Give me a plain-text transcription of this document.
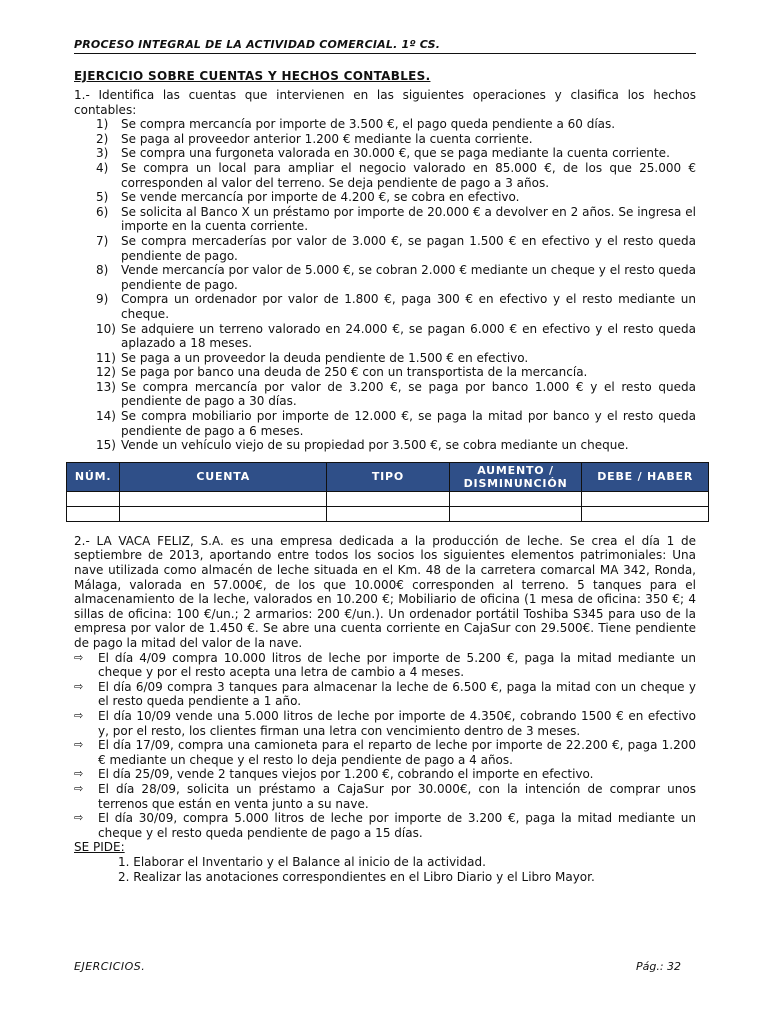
PROCESO INTEGRAL DE LA ACTIVIDAD COMERCIAL. 1º CS.
EJERCICIO SOBRE CUENTAS Y HECHOS CONTABLES.
1.- Identifica las cuentas que intervienen en las siguientes operaciones y clasifica los hechos contables:
1)	Se compra mercancía por importe de 3.500 €, el pago queda pendiente a 60 días.
2)	Se paga al proveedor anterior 1.200 € mediante la cuenta corriente.
3)	Se compra una furgoneta valorada en 30.000 €, que se paga mediante la cuenta corriente.
4)	Se compra un local para ampliar el negocio valorado en 85.000 €, de los que 25.000 € corresponden al valor del terreno. Se deja pendiente de pago a 3 años.
5)	Se vende mercancía por importe de 4.200 €, se cobra en efectivo.
6)	Se solicita al Banco X un préstamo por importe de 20.000 € a devolver en 2 años. Se ingresa el importe en la cuenta corriente.
7)	Se compra mercaderías por valor de 3.000 €, se pagan 1.500 € en efectivo y el resto queda pendiente de pago.
8)	Vende mercancía por valor de 5.000 €, se cobran 2.000 € mediante un cheque y el resto queda pendiente de pago.
9)	Compra un ordenador por valor de 1.800 €, paga 300 € en efectivo y el resto mediante un cheque.
10) Se adquiere un terreno valorado en 24.000 €, se pagan 6.000 € en efectivo y el resto queda aplazado a 18 meses.
11) Se paga a un proveedor la deuda pendiente de 1.500 € en efectivo.
12) Se paga por banco una deuda de 250 € con un transportista de la mercancía.
13) Se compra mercancía por valor de 3.200 €, se paga por banco 1.000 € y el resto queda pendiente de pago a 30 días.
14) Se compra mobiliario por importe de 12.000 €, se paga la mitad por banco y el resto queda pendiente de pago a 6 meses.
15) Vende un vehículo viejo de su propiedad por 3.500 €, se cobra mediante un cheque.
NÚM.	CUENTA	TIPO	AUMENTO / DISMINUNCIÓN	DEBE / HABER

2.- LA VACA FELIZ, S.A. es una empresa dedicada a la producción de leche. Se crea el día 1 de septiembre de 2013, aportando entre todos los socios los siguientes elementos patrimoniales: Una nave utilizada como almacén de leche situada en el Km. 48 de la carretera comarcal MA 342, Ronda, Málaga, valorada en 57.000€, de los que 10.000€ corresponden al terreno. 5 tanques para el almacenamiento de la leche, valorados en 10.200 €; Mobiliario de oficina (1 mesa de oficina: 350 €; 4 sillas de oficina: 100 €/un.; 2 armarios: 200 €/un.). Un ordenador portátil Toshiba S345 para uso de la empresa por valor de 1.450 €. Se abre una cuenta corriente en CajaSur con 29.500€. Tiene pendiente de pago la mitad del valor de la nave.
⇨	El día 4/09 compra 10.000 litros de leche por importe de 5.200 €, paga la mitad mediante un cheque y por el resto acepta una letra de cambio a 4 meses.
⇨	El día 6/09 compra 3 tanques para almacenar la leche de 6.500 €, paga la mitad con un cheque y el resto queda pendiente a 1 año.
⇨	El día 10/09 vende una 5.000 litros de leche por importe de 4.350€, cobrando 1500 € en efectivo y, por el resto, los clientes firman una letra con vencimiento dentro de 3 meses.
⇨	El día 17/09, compra una camioneta para el reparto de leche por importe de 22.200 €, paga 1.200 € mediante un cheque y el resto lo deja pendiente de pago a 4 años.
⇨	El día 25/09, vende 2 tanques viejos por 1.200 €, cobrando el importe en efectivo.
⇨	El día 28/09, solicita un préstamo a CajaSur por 30.000€, con la intención de comprar unos terrenos que están en venta junto a su nave.
⇨	El día 30/09, compra 5.000 litros de leche por importe de 3.200 €, paga la mitad mediante un cheque y el resto queda pendiente de pago a 15 días.
SE PIDE:
1. Elaborar el Inventario y el Balance al inicio de la actividad.
2. Realizar las anotaciones correspondientes en el Libro Diario y el Libro Mayor.
EJERCICIOS.	Pág.: 32
